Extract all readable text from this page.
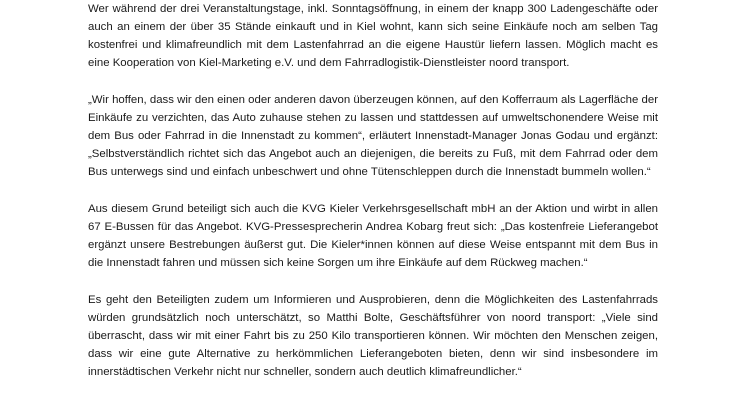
Wer während der drei Veranstaltungstage, inkl. Sonntagsöffnung, in einem der knapp 300 Ladengeschäfte oder auch an einem der über 35 Stände einkauft und in Kiel wohnt, kann sich seine Einkäufe noch am selben Tag kostenfrei und klimafreundlich mit dem Lastenfahrrad an die eigene Haustür liefern lassen. Möglich macht es eine Kooperation von Kiel-Marketing e.V. und dem Fahrradlogistik-Dienstleister noord transport.

„Wir hoffen, dass wir den einen oder anderen davon überzeugen können, auf den Kofferraum als Lagerfläche der Einkäufe zu verzichten, das Auto zuhause stehen zu lassen und stattdessen auf umweltschonendere Weise mit dem Bus oder Fahrrad in die Innenstadt zu kommen“, erläutert Innenstadt-Manager Jonas Godau und ergänzt: „Selbstverständlich richtet sich das Angebot auch an diejenigen, die bereits zu Fuß, mit dem Fahrrad oder dem Bus unterwegs sind und einfach unbeschwert und ohne Tütenschleppen durch die Innenstadt bummeln wollen.“

Aus diesem Grund beteiligt sich auch die KVG Kieler Verkehrsgesellschaft mbH an der Aktion und wirbt in allen 67 E-Bussen für das Angebot. KVG-Pressesprecherin Andrea Kobarg freut sich: „Das kostenfreie Lieferangebot ergänzt unsere Bestrebungen äußerst gut. Die Kieler*innen können auf diese Weise entspannt mit dem Bus in die Innenstadt fahren und müssen sich keine Sorgen um ihre Einkäufe auf dem Rückweg machen.“

Es geht den Beteiligten zudem um Informieren und Ausprobieren, denn die Möglichkeiten des Lastenfahrrads würden grundsätzlich noch unterschätzt, so Matthi Bolte, Geschäftsführer von noord transport: „Viele sind überrascht, dass wir mit einer Fahrt bis zu 250 Kilo transportieren können. Wir möchten den Menschen zeigen, dass wir eine gute Alternative zu herkömmlichen Lieferangeboten bieten, denn wir sind insbesondere im innerstädtischen Verkehr nicht nur schneller, sondern auch deutlich klimafreundlicher.“
